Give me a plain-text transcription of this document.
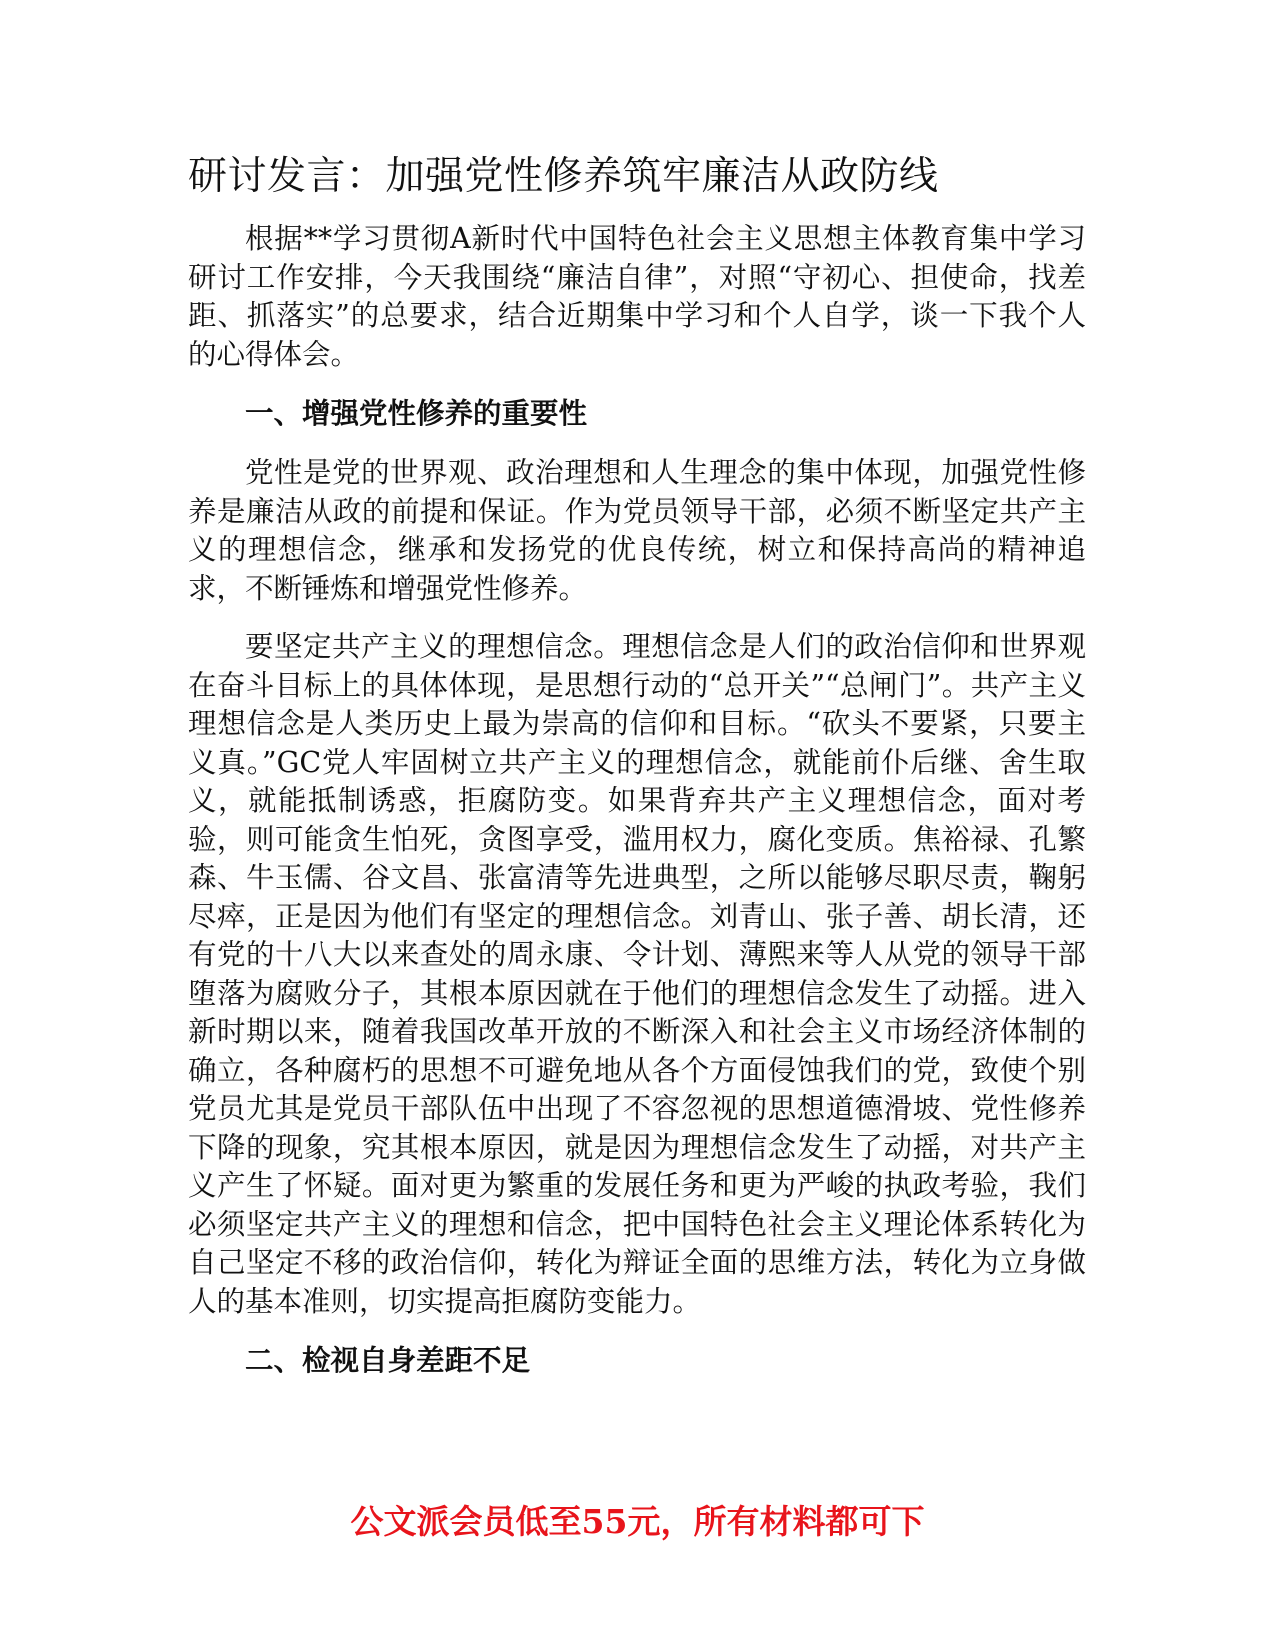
研讨发言：加强党性修养筑牢廉洁从政防线

根据**学习贯彻A新时代中国特色社会主义思想主体教育集中学习研讨工作安排，今天我围绕“廉洁自律”，对照“守初心、担使命，找差距、抓落实”的总要求，结合近期集中学习和个人自学，谈一下我个人的心得体会。

一、增强党性修养的重要性

党性是党的世界观、政治理想和人生理念的集中体现，加强党性修养是廉洁从政的前提和保证。作为党员领导干部，必须不断坚定共产主义的理想信念，继承和发扬党的优良传统，树立和保持高尚的精神追求，不断锤炼和增强党性修养。

要坚定共产主义的理想信念。理想信念是人们的政治信仰和世界观在奋斗目标上的具体体现，是思想行动的“总开关”“总闸门”。共产主义理想信念是人类历史上最为崇高的信仰和目标。“砍头不要紧，只要主义真。”GC党人牢固树立共产主义的理想信念，就能前仆后继、舍生取义，就能抵制诱惑，拒腐防变。如果背弃共产主义理想信念，面对考验，则可能贪生怕死，贪图享受，滥用权力，腐化变质。焦裕禄、孔繁森、牛玉儒、谷文昌、张富清等先进典型，之所以能够尽职尽责，鞠躬尽瘁，正是因为他们有坚定的理想信念。刘青山、张子善、胡长清，还有党的十八大以来查处的周永康、令计划、薄熙来等人从党的领导干部堕落为腐败分子，其根本原因就在于他们的理想信念发生了动摇。进入新时期以来，随着我国改革开放的不断深入和社会主义市场经济体制的确立，各种腐朽的思想不可避免地从各个方面侵蚀我们的党，致使个别党员尤其是党员干部队伍中出现了不容忽视的思想道德滑坡、党性修养下降的现象，究其根本原因，就是因为理想信念发生了动摇，对共产主义产生了怀疑。面对更为繁重的发展任务和更为严峻的执政考验，我们必须坚定共产主义的理想和信念，把中国特色社会主义理论体系转化为自己坚定不移的政治信仰，转化为辩证全面的思维方法，转化为立身做人的基本准则，切实提高拒腐防变能力。

二、检视自身差距不足
公文派会员低至55元，所有材料都可下
